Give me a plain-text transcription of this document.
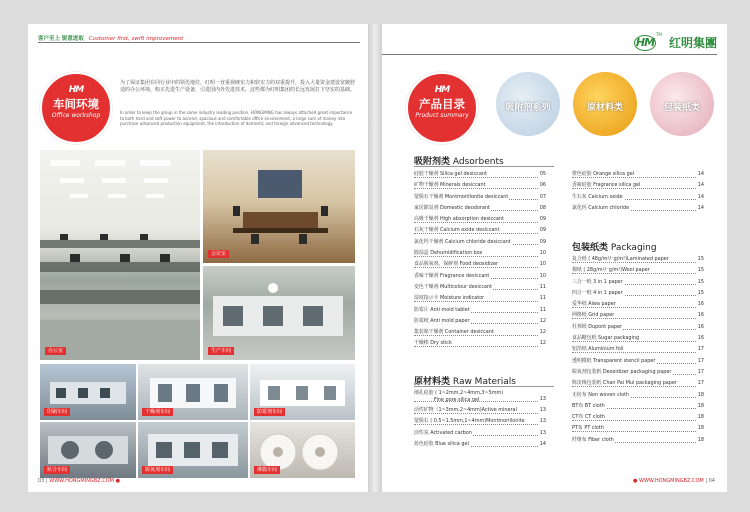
客户至上 锐意进取 Customer first, swift improvement
HM
车间环境
Office workshop
为了保证集团在同行业中的领先地位，红明一直重视硬实力和软实力的双重提升，投入大量资金建设宽敞舒适的办公环境，购买先进生产设备，引进国内外先进技术，这些都为红明集团的长远发展打下坚实的基础。
In order to keep the group in the same industry leading position, HONGMING has always attached great importance to both hard and soft power to ascend, spacious and comfortable office environment, a large sum of money into purchase advanced production equipment, the introduction of domestic and foreign advanced technology.
办公室
会议室
生产车间
印刷车间	干燥剂车间	防霉剂车间
贴合车间	脱氧剂车间	淋膜车间
03 | WWW.HONGMINGBZ.COM ●
HM™ 红明集團
HM
产品目录
Product summary
吸附剂系列	原材料类	包装纸类
吸附剂类 Adsorbents
硅胶干燥剂 Silica gel desiccant	05
矿物干燥剂 Minerals desiccant	06
蒙脱石干燥剂 Montmorillonite desiccant	07
家居除臭剂 Domestic deodorant	08
高吸干燥剂 High absorption desiccant	09
石灰干燥剂 Calcium oxide desiccant	09
氯化钙干燥剂 Calcium chloride desiccant	09
除湿盒 Dehumidification box	10
食品脱氧剂、保鲜剂 Food deoxidizer	10
香味干燥剂 Fragrance desiccant	10
变色干燥剂 Multicolour desiccant	11
湿度指示卡 Moisture indicator	11
防霉片 Anti mold tablet	11
防霉纸 Anti mold paper	12
集装箱干燥剂 Container desiccant	12
干燥棒 Dry stick	12
原材料类 Raw Materials
细孔硅胶 ( 1~2mm,2~4mm,3~5mm)

Fine pore silica gel	13
活性矿物（1~3mm,2~4mm)Active mineral	13
蒙脱石 ( 0.5~1.5mm,1~4mm)Montmorillonite	13
活性炭 Activated carbon	13
蓝色硅胶 Blue silica gel	14
橙色硅胶 Orange silica gel	14
香味硅胶 Fragrance silica gel	14
生石灰 Calcium oxide	14
氯化钙 Calcium chloride	14
包装纸类 Packaging
复合纸 ( 48g/m²/⁻g/m²)Laminated paper	15
棉纸 ( 28g/m²/⁻g/m²)Wool paper	15
三合一纸 3 in 1 paper	15
四合一纸 4 in 1 paper	15
爱华纸 Aiwa paper	16
网格纸 Grid paper	16
杜邦纸 Dupont paper	16
食品糖包纸 Sugar packaging	16
铝箔纸 Aluminium foil	17
透明模纸 Transparent stencil paper	17
脱氧剂包装纸 Deoxidizer packaging paper	17
陈皮梅包装纸 Chan Pai Mui packaging paper	17
无纺布 Non woven cloth	18
BT布 BT cloth	18
CT布 CT cloth	18
PT布 PT cloth	18
纤维布 Fiber cloth	18
● WWW.HONGMINGBZ.COM | 04
